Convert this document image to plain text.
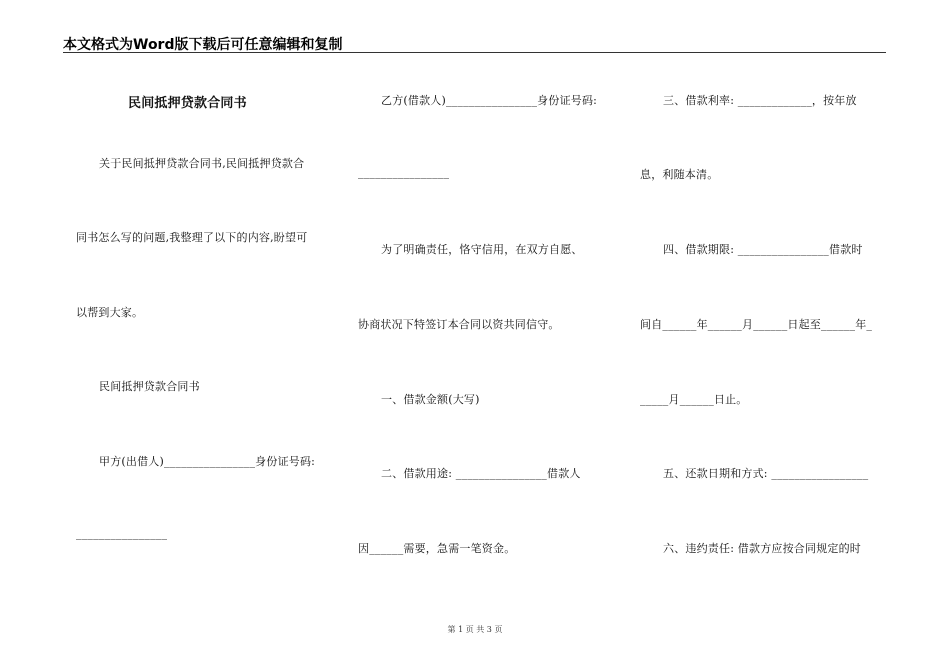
本文格式为Word版下载后可任意编辑和复制
民间抵押贷款合同书
关于民间抵押贷款合同书,民间抵押贷款合
同书怎么写的问题,我整理了以下的内容,盼望可
以帮到大家。
民间抵押贷款合同书
甲方(出借人)________________身份证号码:
________________
乙方(借款人)________________身份证号码:
________________
为了明确责任，恪守信用，在双方自愿、
协商状况下特签订本合同以资共同信守。
一、借款金额(大写)
二、借款用途: ________________借款人
因______需要，急需一笔资金。
三、借款利率: _____________，按年放
息，利随本清。
四、借款期限: ________________借款时
间自______年______月______日起至______年_
_____月______日止。
五、还款日期和方式: _________________
六、违约责任: 借款方应按合同规定的时
第 1 页 共 3 页
